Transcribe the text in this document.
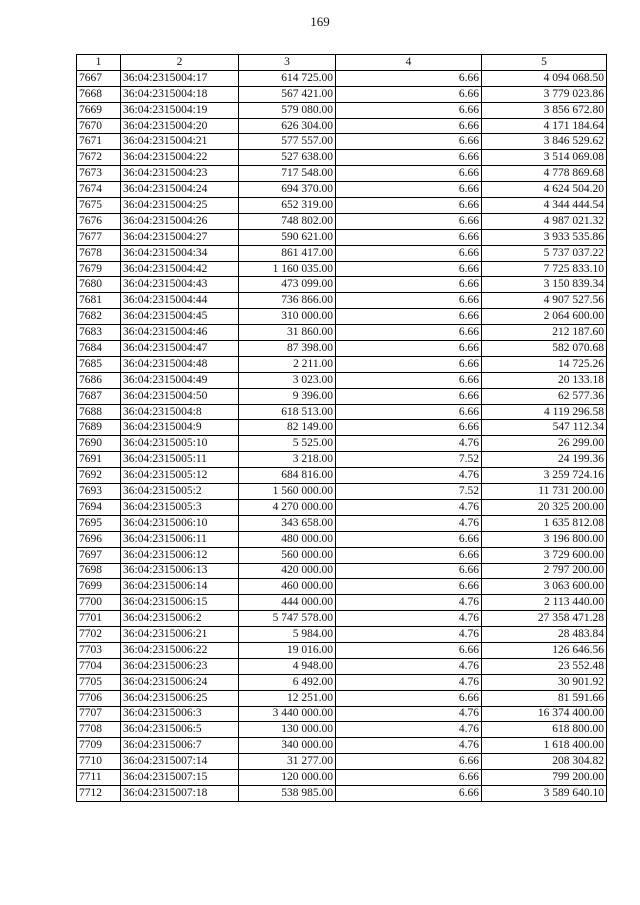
169
1	2	3	4	5
7667	36:04:2315004:17	614 725.00	6.66	4 094 068.50
7668	36:04:2315004:18	567 421.00	6.66	3 779 023.86
7669	36:04:2315004:19	579 080.00	6.66	3 856 672.80
7670	36:04:2315004:20	626 304.00	6.66	4 171 184.64
7671	36:04:2315004:21	577 557.00	6.66	3 846 529.62
7672	36:04:2315004:22	527 638.00	6.66	3 514 069.08
7673	36:04:2315004:23	717 548.00	6.66	4 778 869.68
7674	36:04:2315004:24	694 370.00	6.66	4 624 504.20
7675	36:04:2315004:25	652 319.00	6.66	4 344 444.54
7676	36:04:2315004:26	748 802.00	6.66	4 987 021.32
7677	36:04:2315004:27	590 621.00	6.66	3 933 535.86
7678	36:04:2315004:34	861 417.00	6.66	5 737 037.22
7679	36:04:2315004:42	1 160 035.00	6.66	7 725 833.10
7680	36:04:2315004:43	473 099.00	6.66	3 150 839.34
7681	36:04:2315004:44	736 866.00	6.66	4 907 527.56
7682	36:04:2315004:45	310 000.00	6.66	2 064 600.00
7683	36:04:2315004:46	31 860.00	6.66	212 187.60
7684	36:04:2315004:47	87 398.00	6.66	582 070.68
7685	36:04:2315004:48	2 211.00	6.66	14 725.26
7686	36:04:2315004:49	3 023.00	6.66	20 133.18
7687	36:04:2315004:50	9 396.00	6.66	62 577.36
7688	36:04:2315004:8	618 513.00	6.66	4 119 296.58
7689	36:04:2315004:9	82 149.00	6.66	547 112.34
7690	36:04:2315005:10	5 525.00	4.76	26 299.00
7691	36:04:2315005:11	3 218.00	7.52	24 199.36
7692	36:04:2315005:12	684 816.00	4.76	3 259 724.16
7693	36:04:2315005:2	1 560 000.00	7.52	11 731 200.00
7694	36:04:2315005:3	4 270 000.00	4.76	20 325 200.00
7695	36:04:2315006:10	343 658.00	4.76	1 635 812.08
7696	36:04:2315006:11	480 000.00	6.66	3 196 800.00
7697	36:04:2315006:12	560 000.00	6.66	3 729 600.00
7698	36:04:2315006:13	420 000.00	6.66	2 797 200.00
7699	36:04:2315006:14	460 000.00	6.66	3 063 600.00
7700	36:04:2315006:15	444 000.00	4.76	2 113 440.00
7701	36:04:2315006:2	5 747 578.00	4.76	27 358 471.28
7702	36:04:2315006:21	5 984.00	4.76	28 483.84
7703	36:04:2315006:22	19 016.00	6.66	126 646.56
7704	36:04:2315006:23	4 948.00	4.76	23 552.48
7705	36:04:2315006:24	6 492.00	4.76	30 901.92
7706	36:04:2315006:25	12 251.00	6.66	81 591.66
7707	36:04:2315006:3	3 440 000.00	4.76	16 374 400.00
7708	36:04:2315006:5	130 000.00	4.76	618 800.00
7709	36:04:2315006:7	340 000.00	4.76	1 618 400.00
7710	36:04:2315007:14	31 277.00	6.66	208 304.82
7711	36:04:2315007:15	120 000.00	6.66	799 200.00
7712	36:04:2315007:18	538 985.00	6.66	3 589 640.10
